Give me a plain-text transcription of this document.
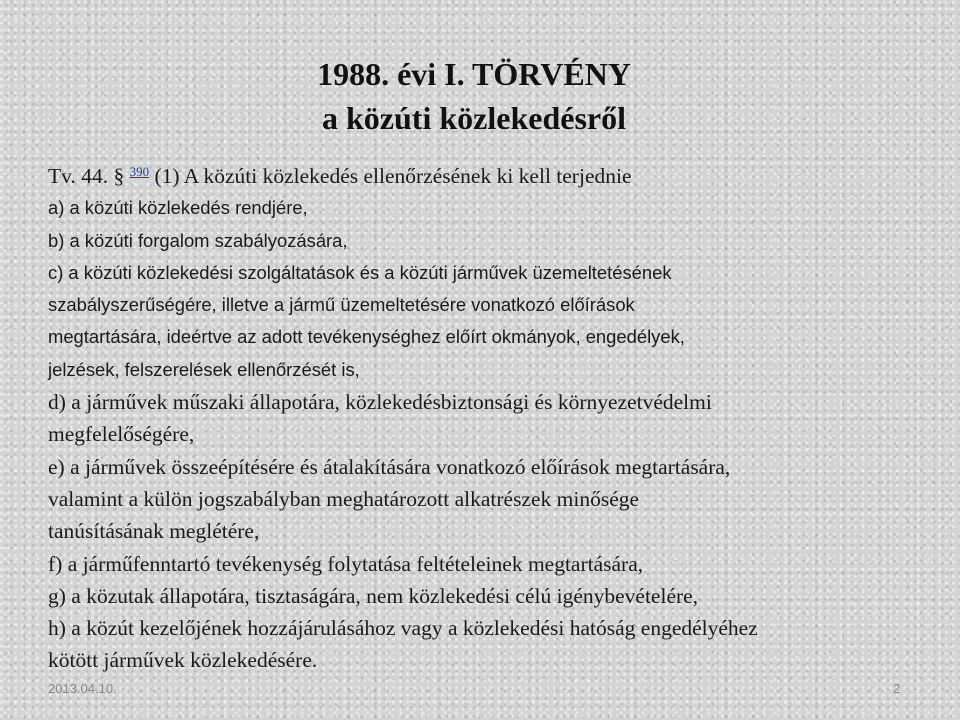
1988. évi I. TÖRVÉNY
a közúti közlekedésről
Tv. 44. § $^{390}$ (1) A közúti közlekedés ellenőrzésének ki kell terjednie
a) a közúti közlekedés rendjére,
b) a közúti forgalom szabályozására,
c) a közúti közlekedési szolgáltatások és a közúti járművek üzemeltetésének
szabályszerűségére, illetve a jármű üzemeltetésére vonatkozó előírások
megtartására, ideértve az adott tevékenységhez előírt okmányok, engedélyek,
jelzések, felszerelések ellenőrzését is,
d) a járművek műszaki állapotára, közlekedésbiztonsági és környezetvédelmi
megfelelőségére,
e) a járművek összeépítésére és átalakítására vonatkozó előírások megtartására,
valamint a külön jogszabályban meghatározott alkatrészek minősége
tanúsításának meglétére,
f) a járműfenntartó tevékenység folytatása feltételeinek megtartására,
g) a közutak állapotára, tisztaságára, nem közlekedési célú igénybevételére,
h) a közút kezelőjének hozzájárulásához vagy a közlekedési hatóság engedélyéhez
kötött járművek közlekedésére.
2013.04.10.	2
